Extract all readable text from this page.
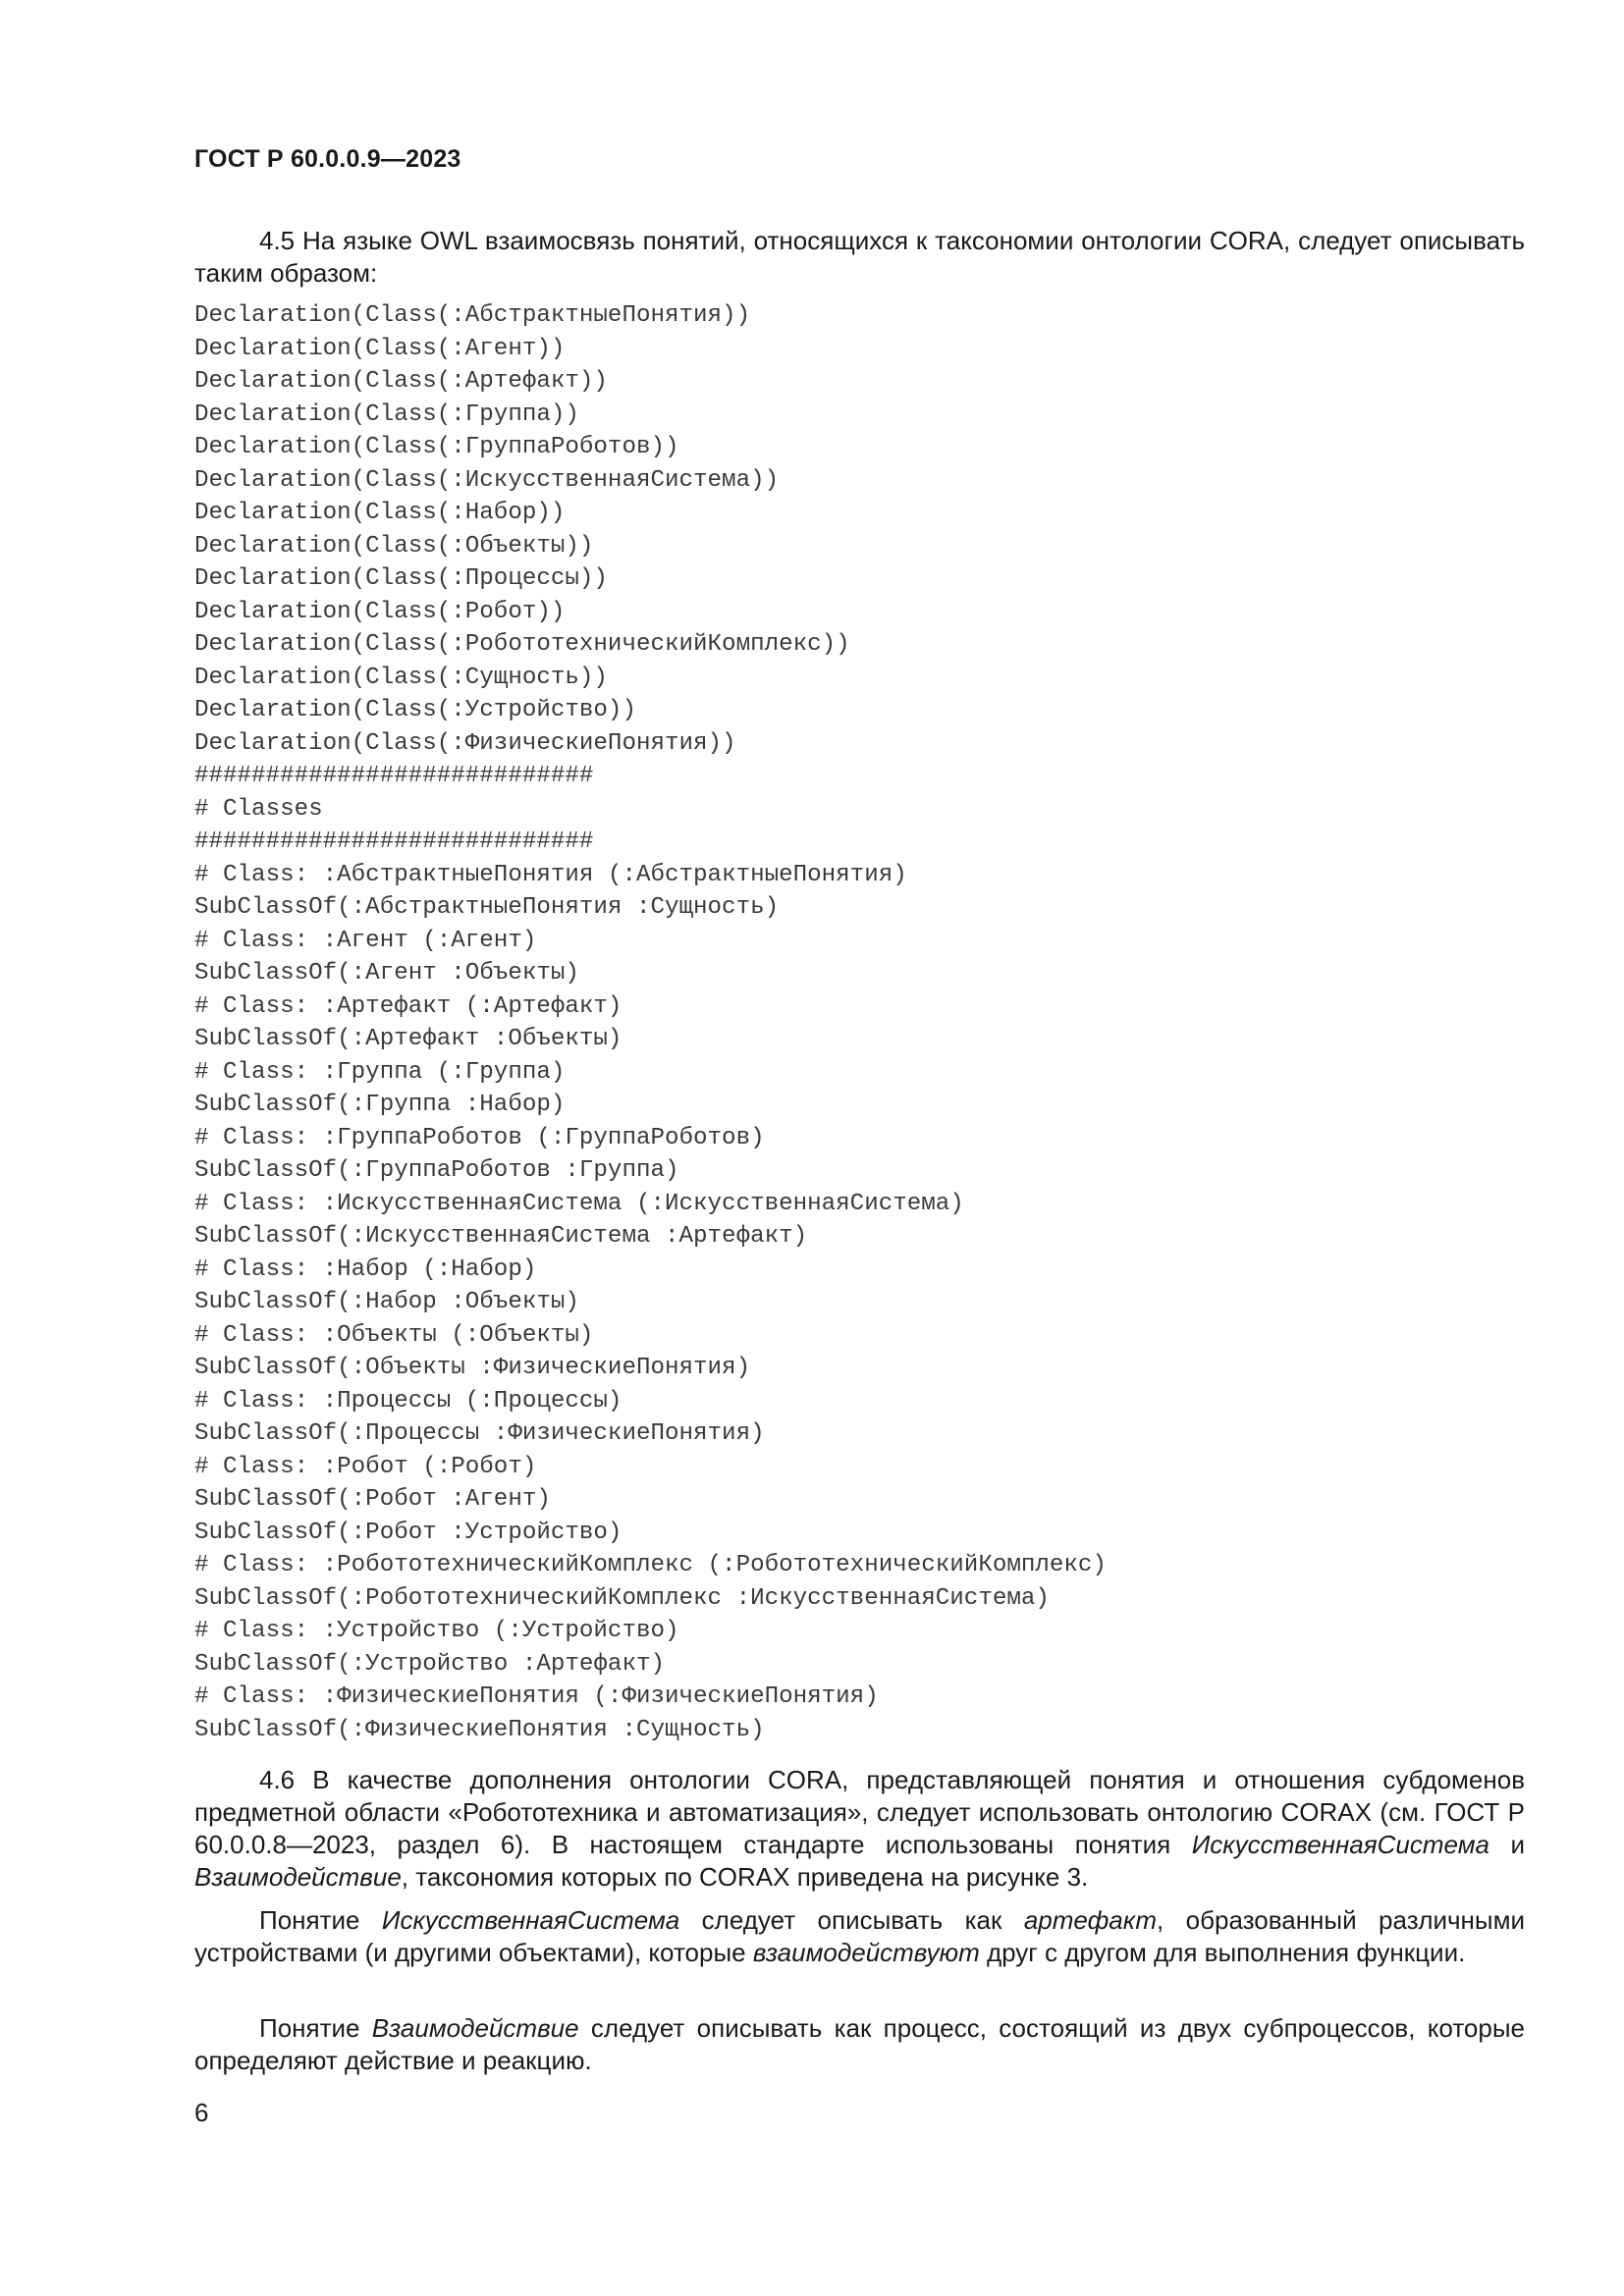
ГОСТ Р 60.0.0.9—2023

4.5 На языке OWL взаимосвязь понятий, относящихся к таксономии онтологии CORA, следует описывать таким образом:

Declaration(Class(:АбстрактныеПонятия))
Declaration(Class(:Агент))
Declaration(Class(:Артефакт))
Declaration(Class(:Группа))
Declaration(Class(:ГруппаРоботов))
Declaration(Class(:ИскусственнаяСистема))
Declaration(Class(:Набор))
Declaration(Class(:Объекты))
Declaration(Class(:Процессы))
Declaration(Class(:Робот))
Declaration(Class(:РобототехническийКомплекс))
Declaration(Class(:Сущность))
Declaration(Class(:Устройство))
Declaration(Class(:ФизическиеПонятия))
############################
# Classes
############################
# Class: :АбстрактныеПонятия (:АбстрактныеПонятия)
SubClassOf(:АбстрактныеПонятия :Сущность)
# Class: :Агент (:Агент)
SubClassOf(:Агент :Объекты)
# Class: :Артефакт (:Артефакт)
SubClassOf(:Артефакт :Объекты)
# Class: :Группа (:Группа)
SubClassOf(:Группа :Набор)
# Class: :ГруппаРоботов (:ГруппаРоботов)
SubClassOf(:ГруппаРоботов :Группа)
# Class: :ИскусственнаяСистема (:ИскусственнаяСистема)
SubClassOf(:ИскусственнаяСистема :Артефакт)
# Class: :Набор (:Набор)
SubClassOf(:Набор :Объекты)
# Class: :Объекты (:Объекты)
SubClassOf(:Объекты :ФизическиеПонятия)
# Class: :Процессы (:Процессы)
SubClassOf(:Процессы :ФизическиеПонятия)
# Class: :Робот (:Робот)
SubClassOf(:Робот :Агент)
SubClassOf(:Робот :Устройство)
# Class: :РобототехническийКомплекс (:РобототехническийКомплекс)
SubClassOf(:РобототехническийКомплекс :ИскусственнаяСистема)
# Class: :Устройство (:Устройство)
SubClassOf(:Устройство :Артефакт)
# Class: :ФизическиеПонятия (:ФизическиеПонятия)
SubClassOf(:ФизическиеПонятия :Сущность)

4.6 В качестве дополнения онтологии CORA, представляющей понятия и отношения субдоменов предметной области «Робототехника и автоматизация», следует использовать онтологию CORAX (см. ГОСТ Р 60.0.0.8—2023, раздел 6). В настоящем стандарте использованы понятия ИскусственнаяСистема и Взаимодействие, таксономия которых по CORAX приведена на рисунке 3.

Понятие ИскусственнаяСистема следует описывать как артефакт, образованный различными устройствами (и другими объектами), которые взаимодействуют друг с другом для выполнения функции.

Понятие Взаимодействие следует описывать как процесс, состоящий из двух субпроцессов, которые определяют действие и реакцию.

6
